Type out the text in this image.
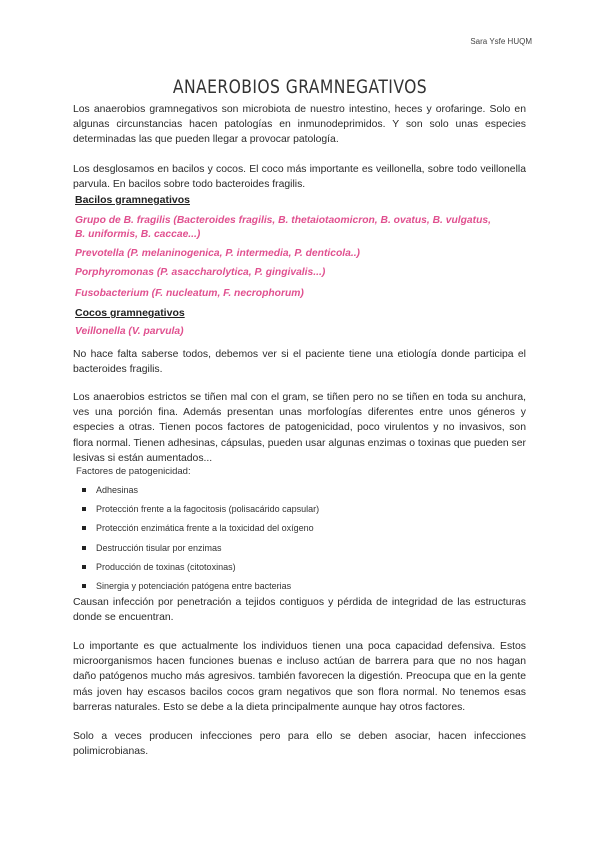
Sara Ysfe HUQM
ANAEROBIOS GRAMNEGATIVOS
Los anaerobios gramnegativos son microbiota de nuestro intestino, heces y orofaringe. Solo en algunas circunstancias hacen patologías en inmunodeprimidos. Y son solo unas especies determinadas las que pueden llegar a provocar patología.
Los desglosamos en bacilos y cocos. El coco más importante es veillonella, sobre todo veillonella parvula. En bacilos sobre todo bacteroides fragilis.
Bacilos gramnegativos
Grupo de B. fragilis (Bacteroides fragilis, B. thetaiotaomicron, B. ovatus, B. vulgatus, B. uniformis, B. caccae...)
Prevotella (P. melaninogenica, P. intermedia, P. denticola..)
Porphyromonas (P. asaccharolytica, P. gingivalis...)
Fusobacterium (F. nucleatum, F. necrophorum)
Cocos gramnegativos
Veillonella (V. parvula)
No hace falta saberse todos, debemos ver si el paciente tiene una etiología donde participa el bacteroides fragilis.
Los anaerobios estrictos se tiñen mal con el gram, se tiñen pero no se tiñen en toda su anchura, ves una porción fina. Además presentan unas morfologías diferentes entre unos géneros y especies a otras. Tienen pocos factores de patogenicidad, poco virulentos y no invasivos, son flora normal. Tienen adhesinas, cápsulas, pueden usar algunas enzimas o toxinas que pueden ser lesivas si están aumentados...
Factores de patogenicidad:
Adhesinas
Protección frente a la fagocitosis (polisacárido capsular)
Protección enzimática frente a la toxicidad del oxígeno
Destrucción tisular por enzimas
Producción de toxinas (citotoxinas)
Sinergia y potenciación patógena entre bacterias
Causan infección por penetración a tejidos contiguos y pérdida de integridad de las estructuras donde se encuentran.
Lo importante es que actualmente los individuos tienen una poca capacidad defensiva. Estos microorganismos hacen funciones buenas e incluso actúan de barrera para que no nos hagan daño patógenos mucho más agresivos. también favorecen la digestión. Preocupa que en la gente más joven hay escasos bacilos cocos gram negativos que son flora normal. No tenemos esas barreras naturales. Esto se debe a la dieta principalmente aunque hay otros factores.
Solo a veces producen infecciones pero para ello se deben asociar, hacen infecciones polimicrobianas.
